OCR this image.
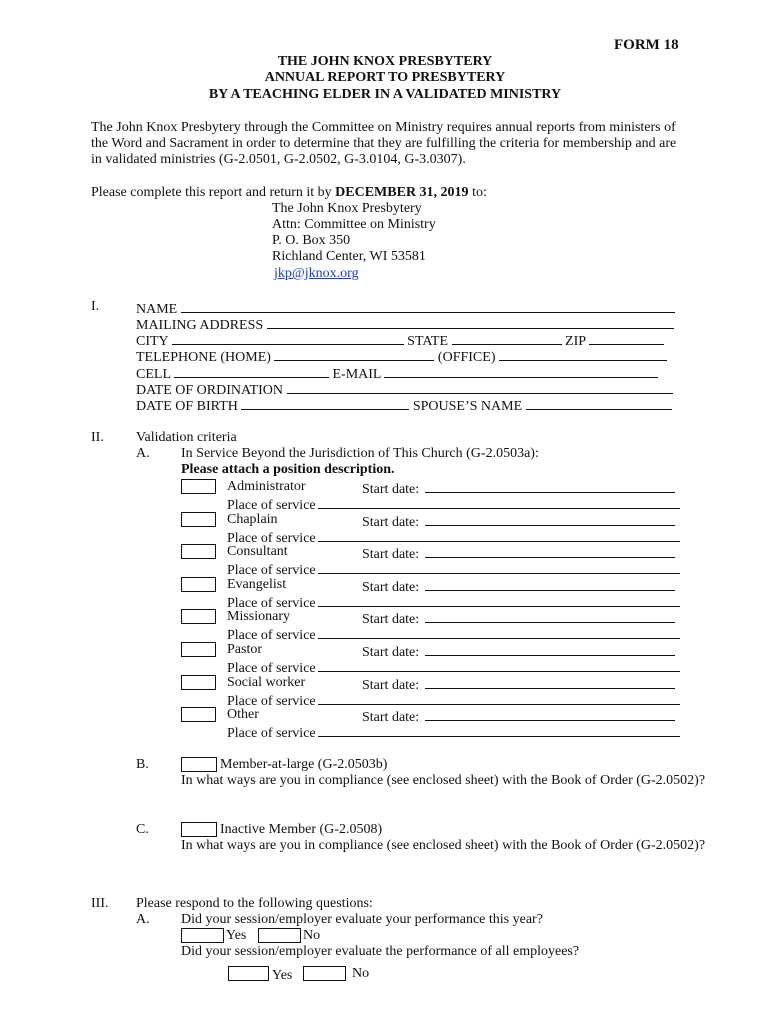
FORM 18
THE JOHN KNOX PRESBYTERY
ANNUAL REPORT TO PRESBYTERY
BY A TEACHING ELDER IN A VALIDATED MINISTRY
The John Knox Presbytery through the Committee on Ministry requires annual reports from ministers of
the Word and Sacrament in order to determine that they are fulfilling the criteria for membership and are
in validated ministries (G-2.0501, G-2.0502, G-3.0104, G-3.0307).
Please complete this report and return it by DECEMBER 31, 2019 to:
The John Knox Presbytery
Attn: Committee on Ministry
P. O. Box 350
Richland Center, WI 53581
jkp@jknox.org
I.	NAME
MAILING ADDRESS
CITY	STATE	ZIP
TELEPHONE (HOME)	(OFFICE)
CELL	E-MAIL
DATE OF ORDINATION
DATE OF BIRTH	SPOUSE’S NAME
II. Validation criteria
A. In Service Beyond the Jurisdiction of This Church (G-2.0503a):
Please attach a position description.
Administrator	Start date:
Place of service
Chaplain	Start date:
Place of service
Consultant	Start date:
Place of service
Evangelist	Start date:
Place of service
Missionary	Start date:
Place of service
Pastor	Start date:
Place of service
Social worker	Start date:
Place of service
Other	Start date:
Place of service
B.	Member-at-large (G-2.0503b)
In what ways are you in compliance (see enclosed sheet) with the Book of Order (G-2.0502)?
C.	Inactive Member (G-2.0508)
In what ways are you in compliance (see enclosed sheet) with the Book of Order (G-2.0502)?
III. Please respond to the following questions:
A. Did your session/employer evaluate your performance this year?
Yes	No
Did your session/employer evaluate the performance of all employees?
Yes	No
